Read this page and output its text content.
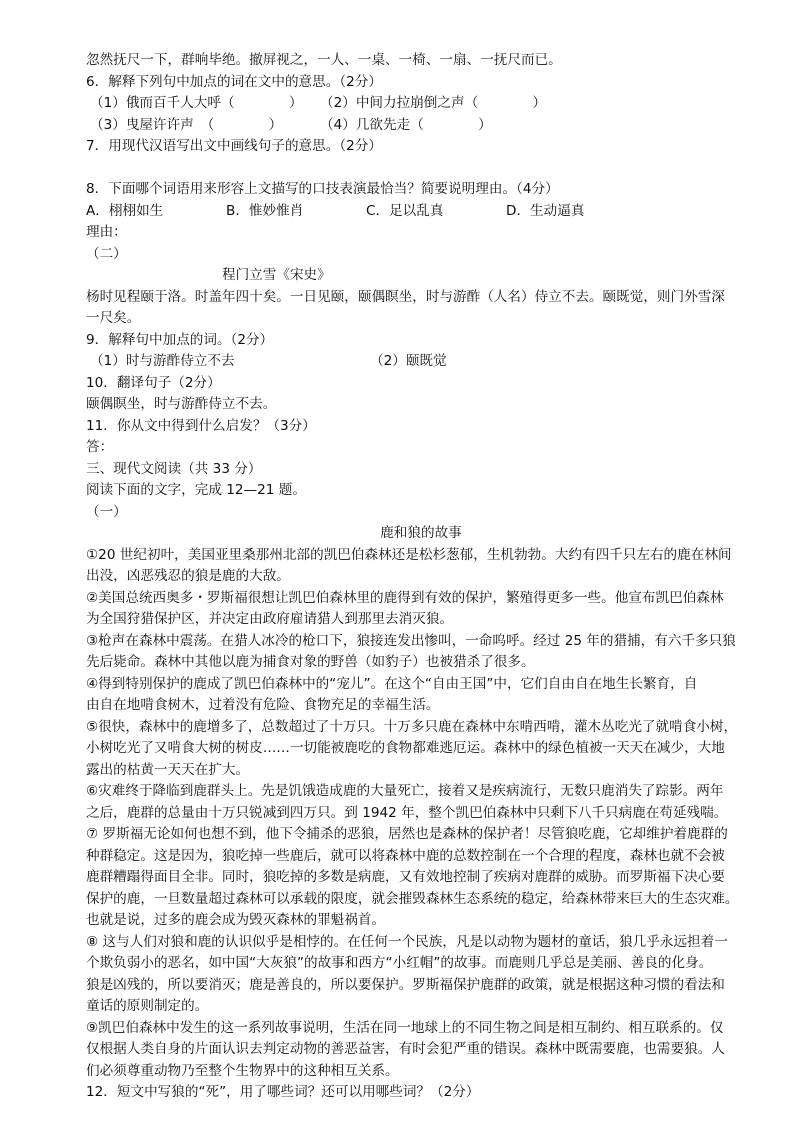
忽然抚尺一下，群响毕绝。撤屏视之，一人、一桌、一椅、一扇、一抚尺而已。
6．解释下列句中加点的词在文中的意思。（2分）
（1）俄而百千人大呼（　　　　） （2）中间力拉崩倒之声（　　　　）
（3）曳屋许许声　（　　　　）	（4）几欲先走（　　　　）
7．用现代汉语写出文中画线句子的意思。（2分）
8．下面哪个词语用来形容上文描写的口技表演最恰当？简要说明理由。（4分）
A．栩栩如生	B．惟妙惟肖	C．足以乱真	D．生动逼真
理由：
（二）
程门立雪《宋史》
杨时见程颐于洛。时盖年四十矣。一日见颐，颐偶瞑坐，时与游酢（人名）侍立不去。颐既觉，则门外雪深
一尺矣。
9．解释句中加点的词。（2分）
（1）时与游酢侍立不去	（2）颐既觉
10．翻译句子（2分）
颐偶瞑坐，时与游酢侍立不去。
11．你从文中得到什么启发？（3分）
答：
三、现代文阅读（共 33 分）
阅读下面的文字，完成 12—21 题。
（一）
鹿和狼的故事
①20 世纪初叶，美国亚里桑那州北部的凯巴伯森林还是松杉葱郁，生机勃勃。大约有四千只左右的鹿在林间
出没，凶恶残忍的狼是鹿的大敌。
②美国总统西奥多・罗斯福很想让凯巴伯森林里的鹿得到有效的保护，繁殖得更多一些。他宣布凯巴伯森林
为全国狩猎保护区，并决定由政府雇请猎人到那里去消灭狼。
③枪声在森林中震荡。在猎人冰冷的枪口下，狼接连发出惨叫，一命呜呼。经过 25 年的猎捕，有六千多只狼
先后毙命。森林中其他以鹿为捕食对象的野兽（如豹子）也被猎杀了很多。
④得到特别保护的鹿成了凯巴伯森林中的“宠儿”。在这个“自由王国”中，它们自由自在地生长繁育，自
由自在地啃食树木，过着没有危险、食物充足的幸福生活。
⑤很快，森林中的鹿增多了，总数超过了十万只。十万多只鹿在森林中东啃西啃，灌木丛吃光了就啃食小树，
小树吃光了又啃食大树的树皮……一切能被鹿吃的食物都难逃厄运。森林中的绿色植被一天天在减少，大地
露出的枯黄一天天在扩大。
⑥灾难终于降临到鹿群头上。先是饥饿造成鹿的大量死亡，接着又是疾病流行，无数只鹿消失了踪影。两年
之后，鹿群的总量由十万只锐减到四万只。到 1942 年，整个凯巴伯森林中只剩下八千只病鹿在苟延残喘。
⑦ 罗斯福无论如何也想不到，他下令捕杀的恶狼，居然也是森林的保护者！尽管狼吃鹿，它却维护着鹿群的
种群稳定。这是因为，狼吃掉一些鹿后，就可以将森林中鹿的总数控制在一个合理的程度，森林也就不会被
鹿群糟蹋得面目全非。同时，狼吃掉的多数是病鹿，又有效地控制了疾病对鹿群的威胁。而罗斯福下决心要
保护的鹿，一旦数量超过森林可以承载的限度，就会摧毁森林生态系统的稳定，给森林带来巨大的生态灾难。
也就是说，过多的鹿会成为毁灭森林的罪魁祸首。
⑧ 这与人们对狼和鹿的认识似乎是相悖的。在任何一个民族，凡是以动物为题材的童话，狼几乎永远担着一
个欺负弱小的恶名，如中国“大灰狼”的故事和西方“小红帽”的故事。而鹿则几乎总是美丽、善良的化身。
狼是凶残的，所以要消灭；鹿是善良的，所以要保护。罗斯福保护鹿群的政策，就是根据这种习惯的看法和
童话的原则制定的。
⑨凯巴伯森林中发生的这一系列故事说明，生活在同一地球上的不同生物之间是相互制约、相互联系的。仅
仅根据人类自身的片面认识去判定动物的善恶益害，有时会犯严重的错误。森林中既需要鹿，也需要狼。人
们必须尊重动物乃至整个生物界中的这种相互关系。
12．短文中写狼的“死”，用了哪些词？还可以用哪些词？（2分）
